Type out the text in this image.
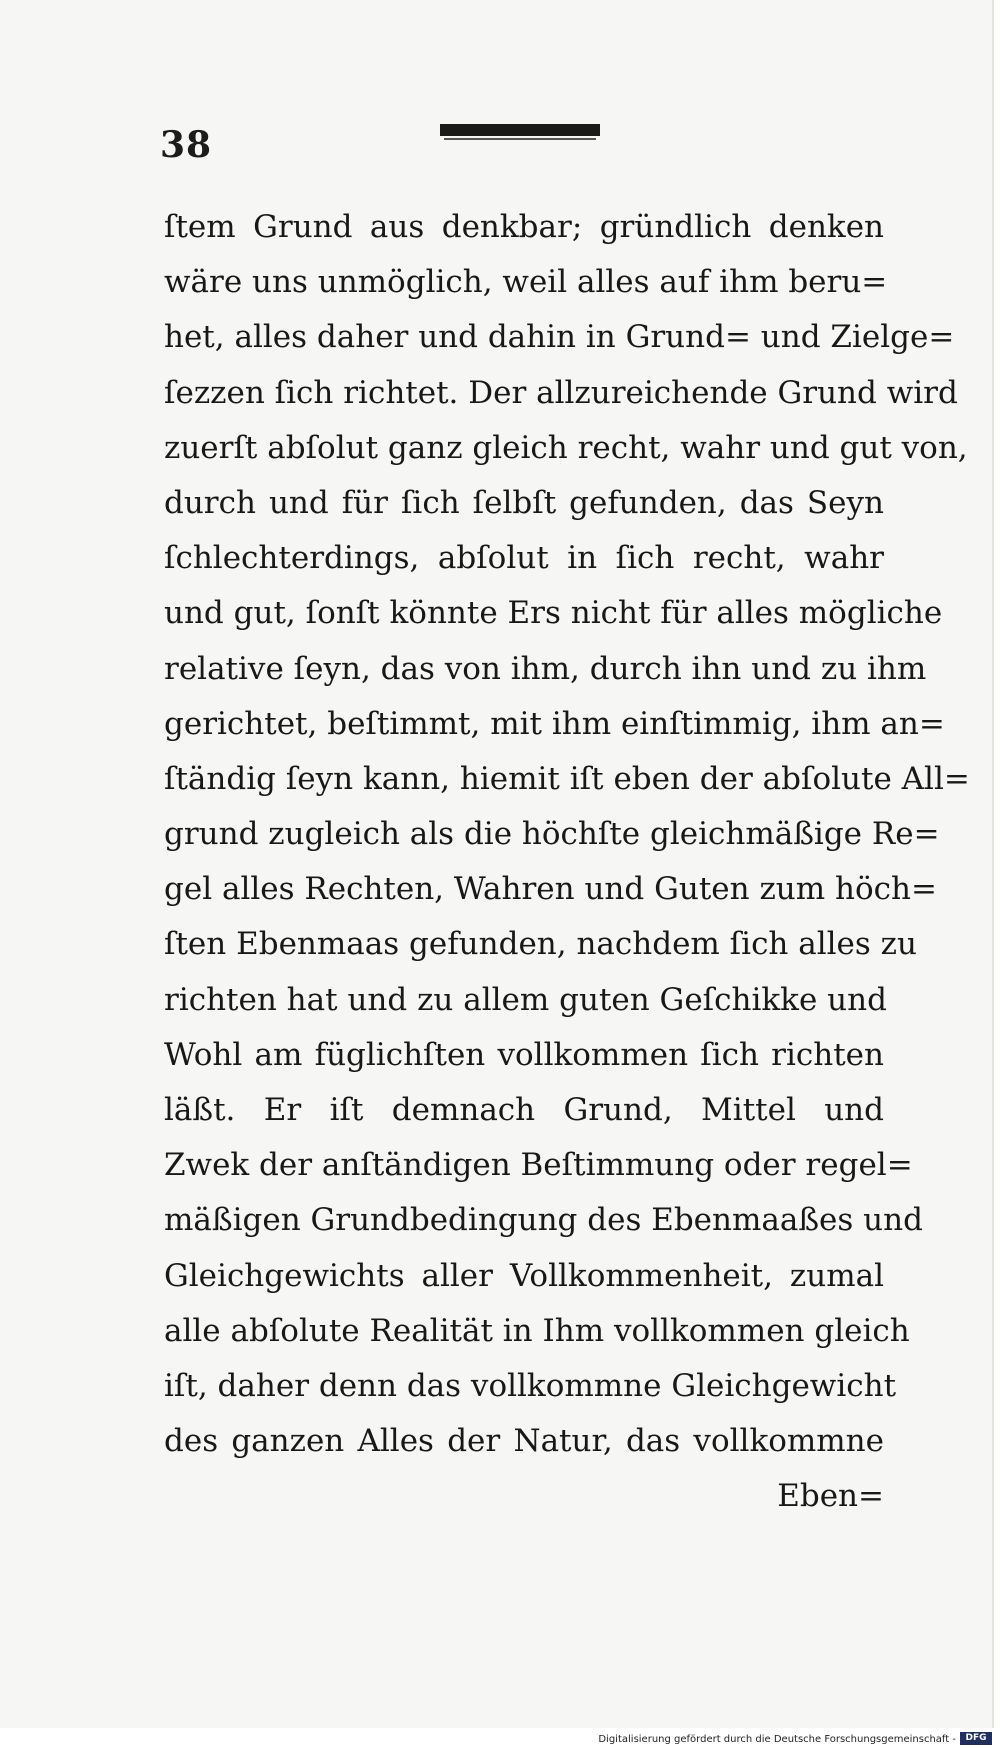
38
ſtem Grund aus denkbar; gründlich denken
wäre uns unmöglich, weil alles auf ihm beru=
het, alles daher und dahin in Grund= und Zielge=
ſezzen ſich richtet. Der allzureichende Grund wird
zuerſt abſolut ganz gleich recht, wahr und gut von,
durch und für ſich ſelbſt gefunden, das Seyn
ſchlechterdings, abſolut in ſich recht, wahr
und gut, ſonſt könnte Ers nicht für alles mögliche
relative ſeyn, das von ihm, durch ihn und zu ihm
gerichtet, beſtimmt, mit ihm einſtimmig, ihm an=
ſtändig ſeyn kann, hiemit iſt eben der abſolute All=
grund zugleich als die höchſte gleichmäßige Re=
gel alles Rechten, Wahren und Guten zum höch=
ſten Ebenmaas gefunden, nachdem ſich alles zu
richten hat und zu allem guten Geſchikke und
Wohl am füglichſten vollkommen ſich richten
läßt. Er iſt demnach Grund, Mittel und
Zwek der anſtändigen Beſtimmung oder regel=
mäßigen Grundbedingung des Ebenmaaßes und
Gleichgewichts aller Vollkommenheit, zumal
alle abſolute Realität in Ihm vollkommen gleich
iſt, daher denn das vollkommne Gleichgewicht
des ganzen Alles der Natur, das vollkommne
Eben=
Digitalisierung gefördert durch die Deutsche Forschungsgemeinschaft -	DFG
